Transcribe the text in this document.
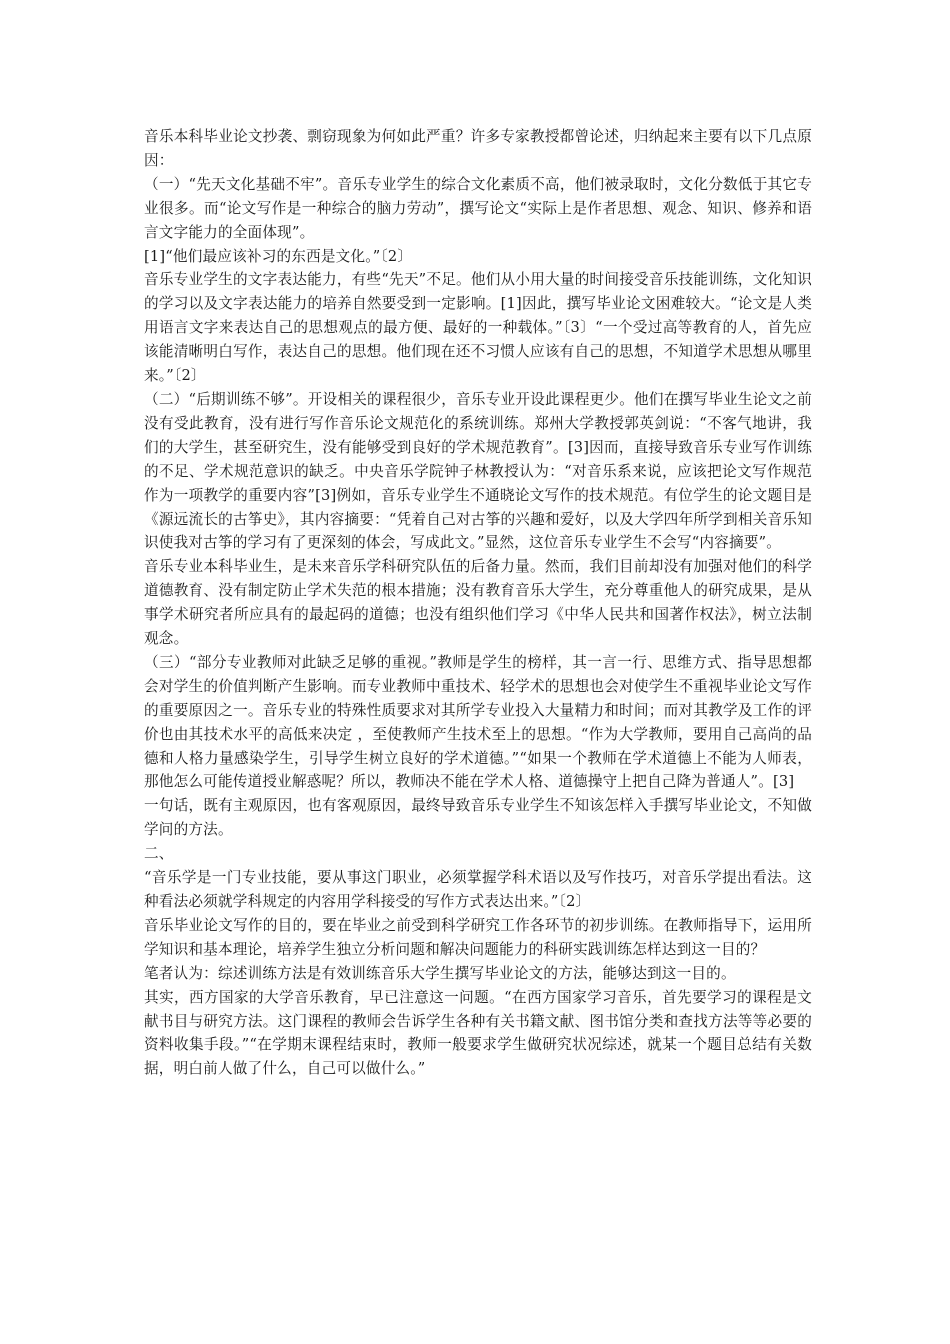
音乐本科毕业论文抄袭、剽窃现象为何如此严重？许多专家教授都曾论述，归纳起来主要有以下几点原因：

（一）“先天文化基础不牢”。音乐专业学生的综合文化素质不高，他们被录取时，文化分数低于其它专业很多。而“论文写作是一种综合的脑力劳动”，撰写论文“实际上是作者思想、观念、知识、修养和语言文字能力的全面体现”。

[1]“他们最应该补习的东西是文化。”〔2〕

音乐专业学生的文字表达能力，有些“先天”不足。他们从小用大量的时间接受音乐技能训练，文化知识的学习以及文字表达能力的培养自然要受到一定影响。[1]因此，撰写毕业论文困难较大。“论文是人类用语言文字来表达自己的思想观点的最方便、最好的一种载体。”〔3〕“一个受过高等教育的人，首先应该能清晰明白写作，表达自己的思想。他们现在还不习惯人应该有自己的思想，不知道学术思想从哪里来。”〔2〕

（二）“后期训练不够”。开设相关的课程很少，音乐专业开设此课程更少。他们在撰写毕业生论文之前没有受此教育，没有进行写作音乐论文规范化的系统训练。郑州大学教授郭英剑说：“不客气地讲，我们的大学生，甚至研究生，没有能够受到良好的学术规范教育”。[3]因而，直接导致音乐专业写作训练的不足、学术规范意识的缺乏。中央音乐学院钟子林教授认为：“对音乐系来说，应该把论文写作规范作为一项教学的重要内容”[3]例如，音乐专业学生不通晓论文写作的技术规范。有位学生的论文题目是《源远流长的古筝史》，其内容摘要：“凭着自己对古筝的兴趣和爱好，以及大学四年所学到相关音乐知识使我对古筝的学习有了更深刻的体会，写成此文。”显然，这位音乐专业学生不会写“内容摘要”。

音乐专业本科毕业生，是未来音乐学科研究队伍的后备力量。然而，我们目前却没有加强对他们的科学道德教育、没有制定防止学术失范的根本措施；没有教育音乐大学生，充分尊重他人的研究成果，是从事学术研究者所应具有的最起码的道德；也没有组织他们学习《中华人民共和国著作权法》，树立法制观念。

（三）“部分专业教师对此缺乏足够的重视。”教师是学生的榜样，其一言一行、思维方式、指导思想都会对学生的价值判断产生影响。而专业教师中重技术、轻学术的思想也会对使学生不重视毕业论文写作的重要原因之一。音乐专业的特殊性质要求对其所学专业投入大量精力和时间；而对其教学及工作的评价也由其技术水平的高低来决定 ，至使教师产生技术至上的思想。“作为大学教师，要用自己高尚的品德和人格力量感染学生，引导学生树立良好的学术道德。”“如果一个教师在学术道德上不能为人师表，那他怎么可能传道授业解惑呢？所以，教师决不能在学术人格、道德操守上把自己降为普通人”。[3]

一句话，既有主观原因，也有客观原因，最终导致音乐专业学生不知该怎样入手撰写毕业论文，不知做学问的方法。

二、

“音乐学是一门专业技能，要从事这门职业，必须掌握学科术语以及写作技巧，对音乐学提出看法。这种看法必须就学科规定的内容用学科接受的写作方式表达出来。”〔2〕

音乐毕业论文写作的目的，要在毕业之前受到科学研究工作各环节的初步训练。在教师指导下，运用所学知识和基本理论，培养学生独立分析问题和解决问题能力的科研实践训练怎样达到这一目的？

笔者认为：综述训练方法是有效训练音乐大学生撰写毕业论文的方法，能够达到这一目的。

其实，西方国家的大学音乐教育，早已注意这一问题。“在西方国家学习音乐，首先要学习的课程是文献书目与研究方法。这门课程的教师会告诉学生各种有关书籍文献、图书馆分类和查找方法等等必要的资料收集手段。”“在学期末课程结束时，教师一般要求学生做研究状况综述，就某一个题目总结有关数据，明白前人做了什么，自己可以做什么。”
